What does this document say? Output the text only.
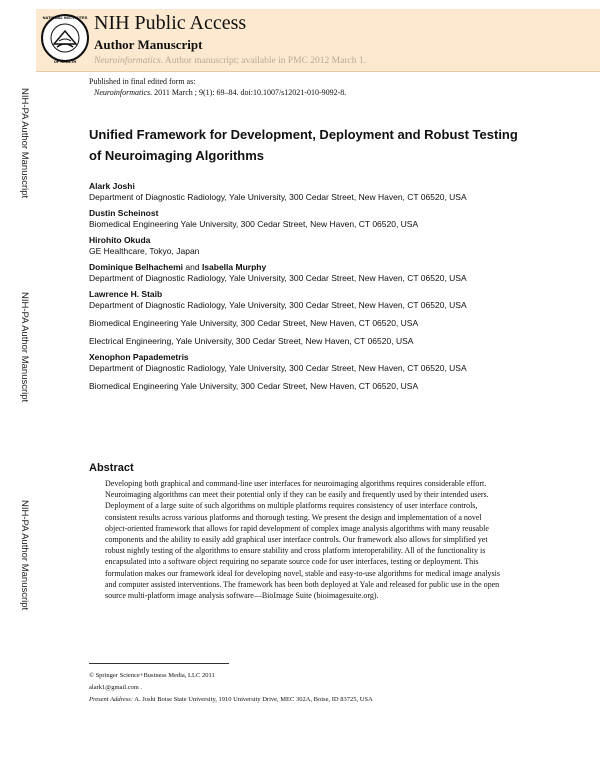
NATIONAL INSTITUTES
OF HEALTH
NIH Public Access
Author Manuscript
Neuroinformatics. Author manuscript; available in PMC 2012 March 1.
Published in final edited form as:
Neuroinformatics. 2011 March ; 9(1): 69–84. doi:10.1007/s12021-010-9092-8.
NIH-PA Author Manuscript
NIH-PA Author Manuscript
NIH-PA Author Manuscript
Unified Framework for Development, Deployment and Robust Testing of Neuroimaging Algorithms
Alark Joshi
Department of Diagnostic Radiology, Yale University, 300 Cedar Street, New Haven, CT 06520, USA
Dustin Scheinost
Biomedical Engineering Yale University, 300 Cedar Street, New Haven, CT 06520, USA
Hirohito Okuda
GE Healthcare, Tokyo, Japan
Dominique Belhachemi and Isabella Murphy
Department of Diagnostic Radiology, Yale University, 300 Cedar Street, New Haven, CT 06520, USA
Lawrence H. Staib
Department of Diagnostic Radiology, Yale University, 300 Cedar Street, New Haven, CT 06520, USA
Biomedical Engineering Yale University, 300 Cedar Street, New Haven, CT 06520, USA
Electrical Engineering, Yale University, 300 Cedar Street, New Haven, CT 06520, USA
Xenophon Papademetris
Department of Diagnostic Radiology, Yale University, 300 Cedar Street, New Haven, CT 06520, USA
Biomedical Engineering Yale University, 300 Cedar Street, New Haven, CT 06520, USA
Abstract
Developing both graphical and command-line user interfaces for neuroimaging algorithms requires considerable effort. Neuroimaging algorithms can meet their potential only if they can be easily and frequently used by their intended users. Deployment of a large suite of such algorithms on multiple platforms requires consistency of user interface controls, consistent results across various platforms and thorough testing. We present the design and implementation of a novel object-oriented framework that allows for rapid development of complex image analysis algorithms with many reusable components and the ability to easily add graphical user interface controls. Our framework also allows for simplified yet robust nightly testing of the algorithms to ensure stability and cross platform interoperability. All of the functionality is encapsulated into a software object requiring no separate source code for user interfaces, testing or deployment. This formulation makes our framework ideal for developing novel, stable and easy-to-use algorithms for medical image analysis and computer assisted interventions. The framework has been both deployed at Yale and released for public use in the open source multi-platform image analysis software—BioImage Suite (bioimagesuite.org).
© Springer Science+Business Media, LLC 2011
alark1@gmail.com .
Present Address: A. Joshi Boise State University, 1910 University Drive, MEC 302A, Boise, ID 83725, USA
